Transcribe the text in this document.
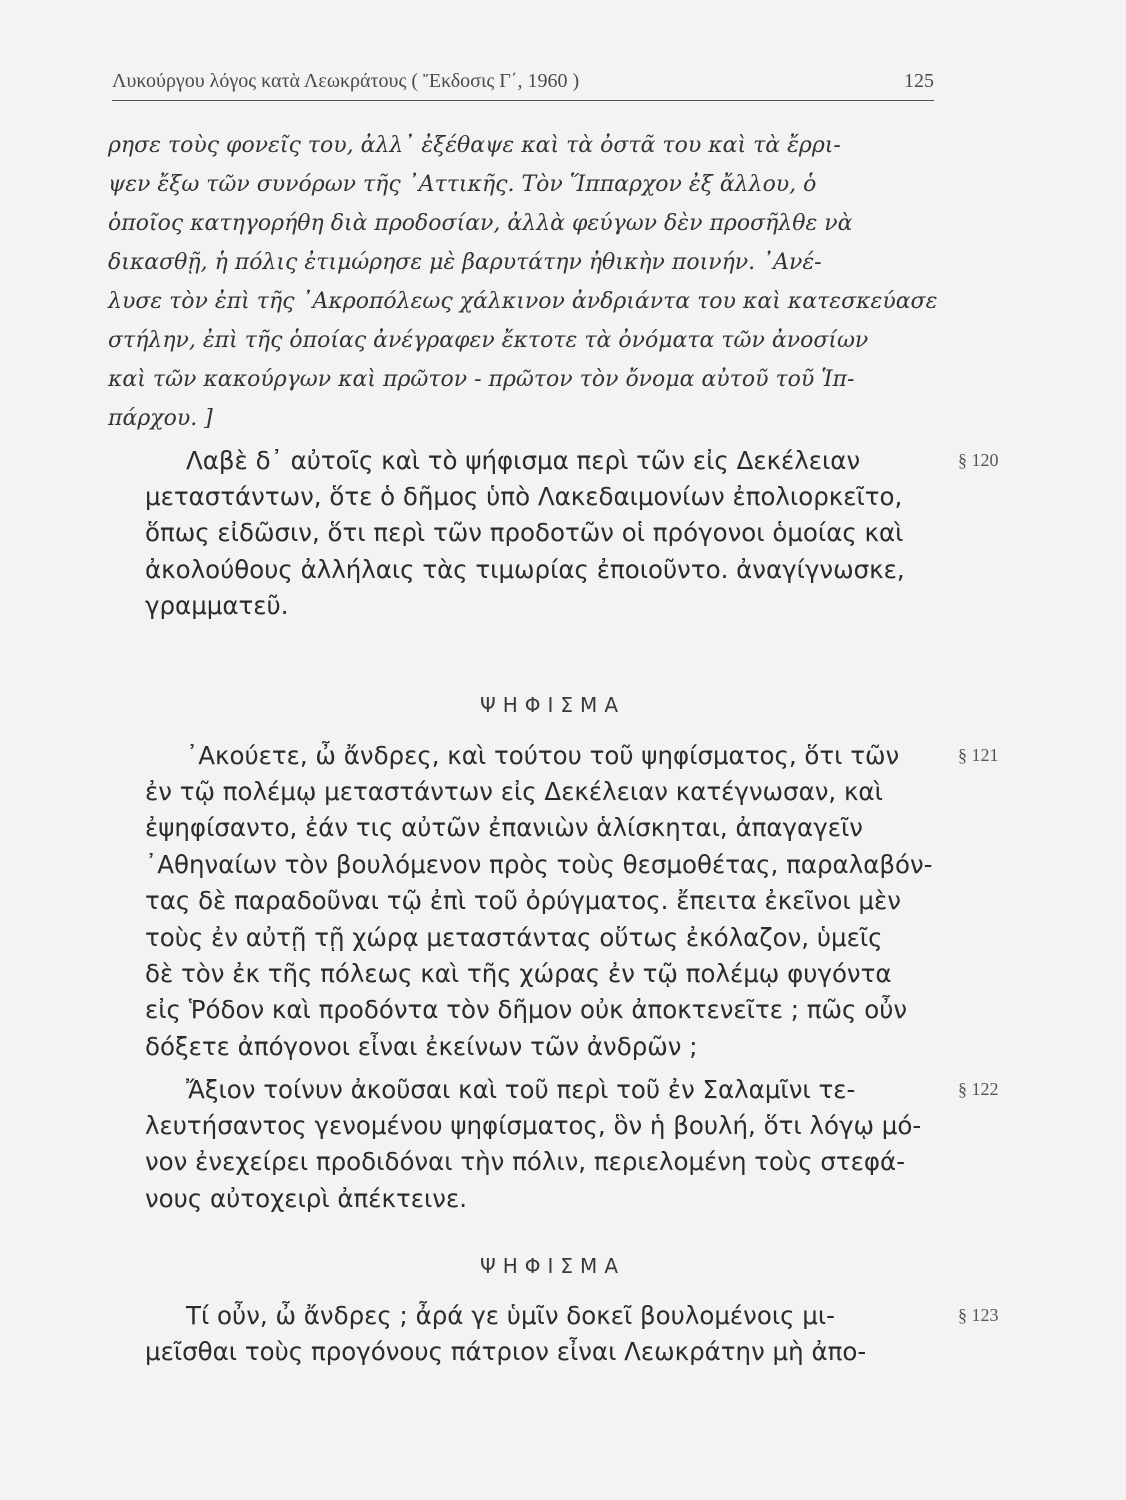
Λυκούργου λόγος κατὰ Λεωκράτους ( Ἔκδοσις Γ΄, 1960 )	125
ρησε τοὺς φονεῖς του, ἀλλ᾽ ἐξέθαψε καὶ τὰ ὀστᾶ του καὶ τὰ ἔρρι-
ψεν ἔξω τῶν συνόρων τῆς ᾽Αττικῆς. Τὸν Ἵππαρχον ἐξ ἄλλου, ὁ
ὁποῖος κατηγορήθη διὰ προδοσίαν, ἀλλὰ φεύγων δὲν προσῆλθε νὰ
δικασθῇ, ἡ πόλις ἐτιμώρησε μὲ βαρυτάτην ἠθικὴν ποινήν. ᾽Ανέ-
λυσε τὸν ἐπὶ τῆς ᾽Ακροπόλεως χάλκινον ἀνδριάντα του καὶ κατεσκεύασε
στήλην, ἐπὶ τῆς ὁποίας ἀνέγραφεν ἔκτοτε τὰ ὀνόματα τῶν ἀνοσίων
καὶ τῶν κακούργων καὶ πρῶτον - πρῶτον τὸν ὄνομα αὐτοῦ τοῦ Ἱπ-
πάρχου. ]
Λαβὲ δ᾽ αὐτοῖς καὶ τὸ ψήφισμα περὶ τῶν εἰς Δεκέλειαν
μεταστάντων, ὅτε ὁ δῆμος ὑπὸ Λακεδαιμονίων ἐπολιορκεῖτο,
ὅπως εἰδῶσιν, ὅτι περὶ τῶν προδοτῶν οἱ πρόγονοι ὁμοίας καὶ
ἀκολούθους ἀλλήλαις τὰς τιμωρίας ἐποιοῦντο. ἀναγίγνωσκε,
γραμματεῦ.
§ 120
ΨΗΦΙΣΜΑ
᾽Ακούετε, ὦ ἄνδρες, καὶ τούτου τοῦ ψηφίσματος, ὅτι τῶν
ἐν τῷ πολέμῳ μεταστάντων εἰς Δεκέλειαν κατέγνωσαν, καὶ
ἐψηφίσαντο, ἐάν τις αὐτῶν ἐπανιὼν ἁλίσκηται, ἀπαγαγεῖν
᾽Αθηναίων τὸν βουλόμενον πρὸς τοὺς θεσμοθέτας, παραλαβόν-
τας δὲ παραδοῦναι τῷ ἐπὶ τοῦ ὀρύγματος. ἔπειτα ἐκεῖνοι μὲν
τοὺς ἐν αὐτῇ τῇ χώρᾳ μεταστάντας οὕτως ἐκόλαζον, ὑμεῖς
δὲ τὸν ἐκ τῆς πόλεως καὶ τῆς χώρας ἐν τῷ πολέμῳ φυγόντα
εἰς Ῥόδον καὶ προδόντα τὸν δῆμον οὐκ ἀποκτενεῖτε ; πῶς οὖν
δόξετε ἀπόγονοι εἶναι ἐκείνων τῶν ἀνδρῶν ;
§ 121
Ἄξιον τοίνυν ἀκοῦσαι καὶ τοῦ περὶ τοῦ ἐν Σαλαμῖνι τε-
λευτήσαντος γενομένου ψηφίσματος, ὃν ἡ βουλή, ὅτι λόγῳ μό-
νον ἐνεχείρει προδιδόναι τὴν πόλιν, περιελομένη τοὺς στεφά-
νους αὐτοχειρὶ ἀπέκτεινε.
§ 122
ΨΗΦΙΣΜΑ
Τί οὖν, ὦ ἄνδρες ; ἆρά γε ὑμῖν δοκεῖ βουλομένοις μι-
μεῖσθαι τοὺς προγόνους πάτριον εἶναι Λεωκράτην μὴ ἀπο-
§ 123
